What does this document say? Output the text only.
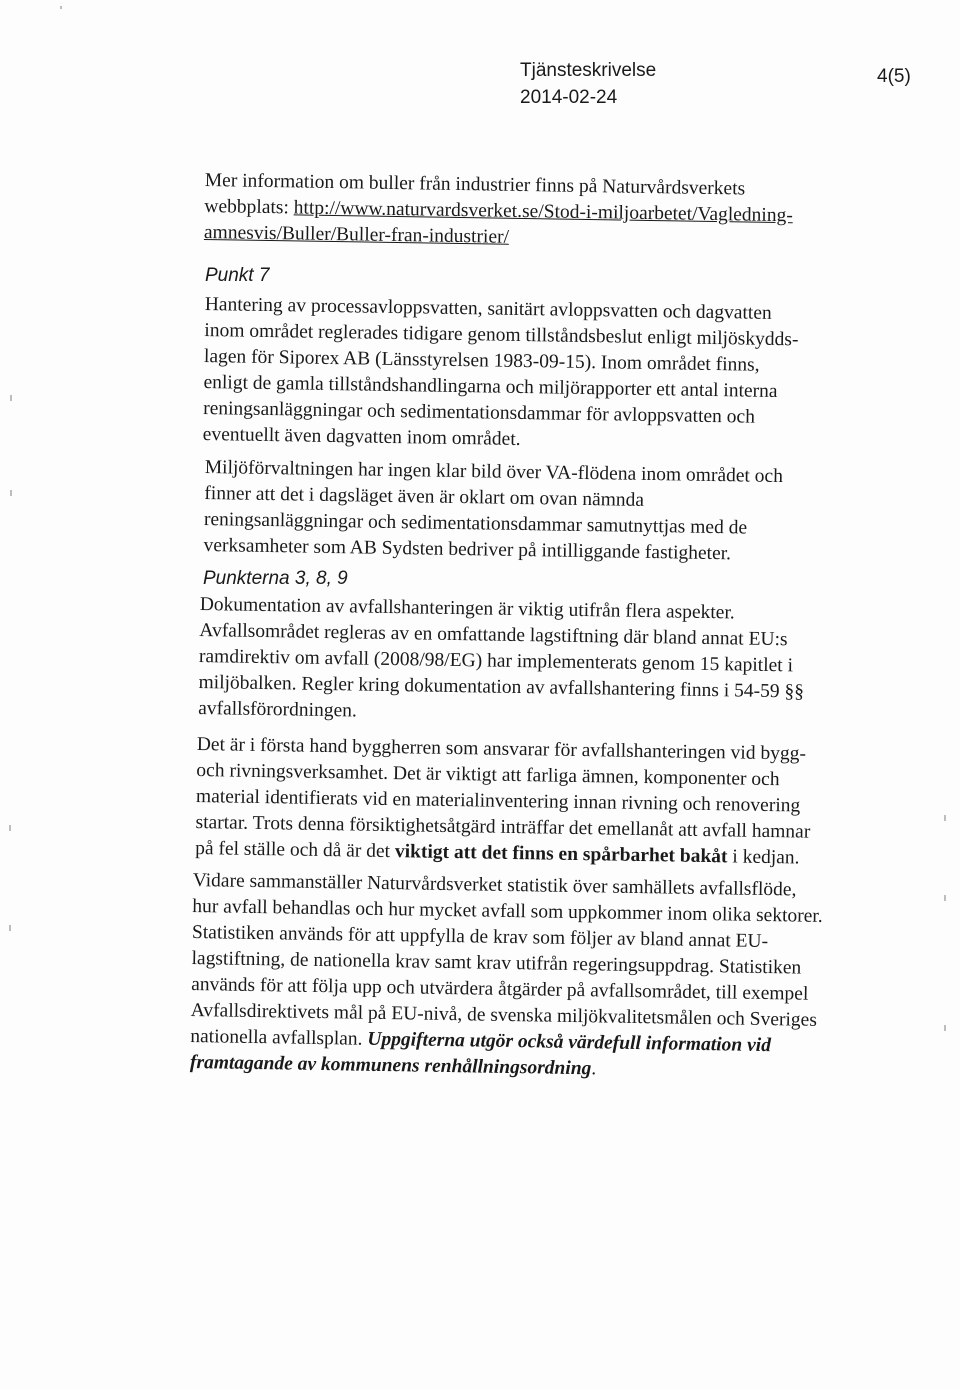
Tjänsteskrivelse
2014-02-24
4(5)
Mer information om buller från industrier finns på Naturvårdsverkets
webbplats: http://www.naturvardsverket.se/Stod-i-miljoarbetet/Vagledning-
amnesvis/Buller/Buller-fran-industrier/
Punkt 7
Hantering av processavloppsvatten, sanitärt avloppsvatten och dagvatten
inom området reglerades tidigare genom tillståndsbeslut enligt miljöskydds-
lagen för Siporex AB (Länsstyrelsen 1983-09-15). Inom området finns,
enligt de gamla tillståndshandlingarna och miljörapporter ett antal interna
reningsanläggningar och sedimentationsdammar för avloppsvatten och
eventuellt även dagvatten inom området.
Miljöförvaltningen har ingen klar bild över VA-flödena inom området och
finner att det i dagsläget även är oklart om ovan nämnda
reningsanläggningar och sedimentationsdammar samutnyttjas med de
verksamheter som AB Sydsten bedriver på intilliggande fastigheter.
Punkterna 3, 8, 9
Dokumentation av avfallshanteringen är viktig utifrån flera aspekter.
Avfallsområdet regleras av en omfattande lagstiftning där bland annat EU:s
ramdirektiv om avfall (2008/98/EG) har implementerats genom 15 kapitlet i
miljöbalken. Regler kring dokumentation av avfallshantering finns i 54-59 §§
avfallsförordningen.
Det är i första hand byggherren som ansvarar för avfallshanteringen vid bygg-
och rivningsverksamhet. Det är viktigt att farliga ämnen, komponenter och
material identifierats vid en materialinventering innan rivning och renovering
startar. Trots denna försiktighetsåtgärd inträffar det emellanåt att avfall hamnar
på fel ställe och då är det viktigt att det finns en spårbarhet bakåt i kedjan.
Vidare sammanställer Naturvårdsverket statistik över samhällets avfallsflöde,
hur avfall behandlas och hur mycket avfall som uppkommer inom olika sektorer.
Statistiken används för att uppfylla de krav som följer av bland annat EU-
lagstiftning, de nationella krav samt krav utifrån regeringsuppdrag. Statistiken
används för att följa upp och utvärdera åtgärder på avfallsområdet, till exempel
Avfallsdirektivets mål på EU-nivå, de svenska miljökvalitetsmålen och Sveriges
nationella avfallsplan. Uppgifterna utgör också värdefull information vid
framtagande av kommunens renhållningsordning.
